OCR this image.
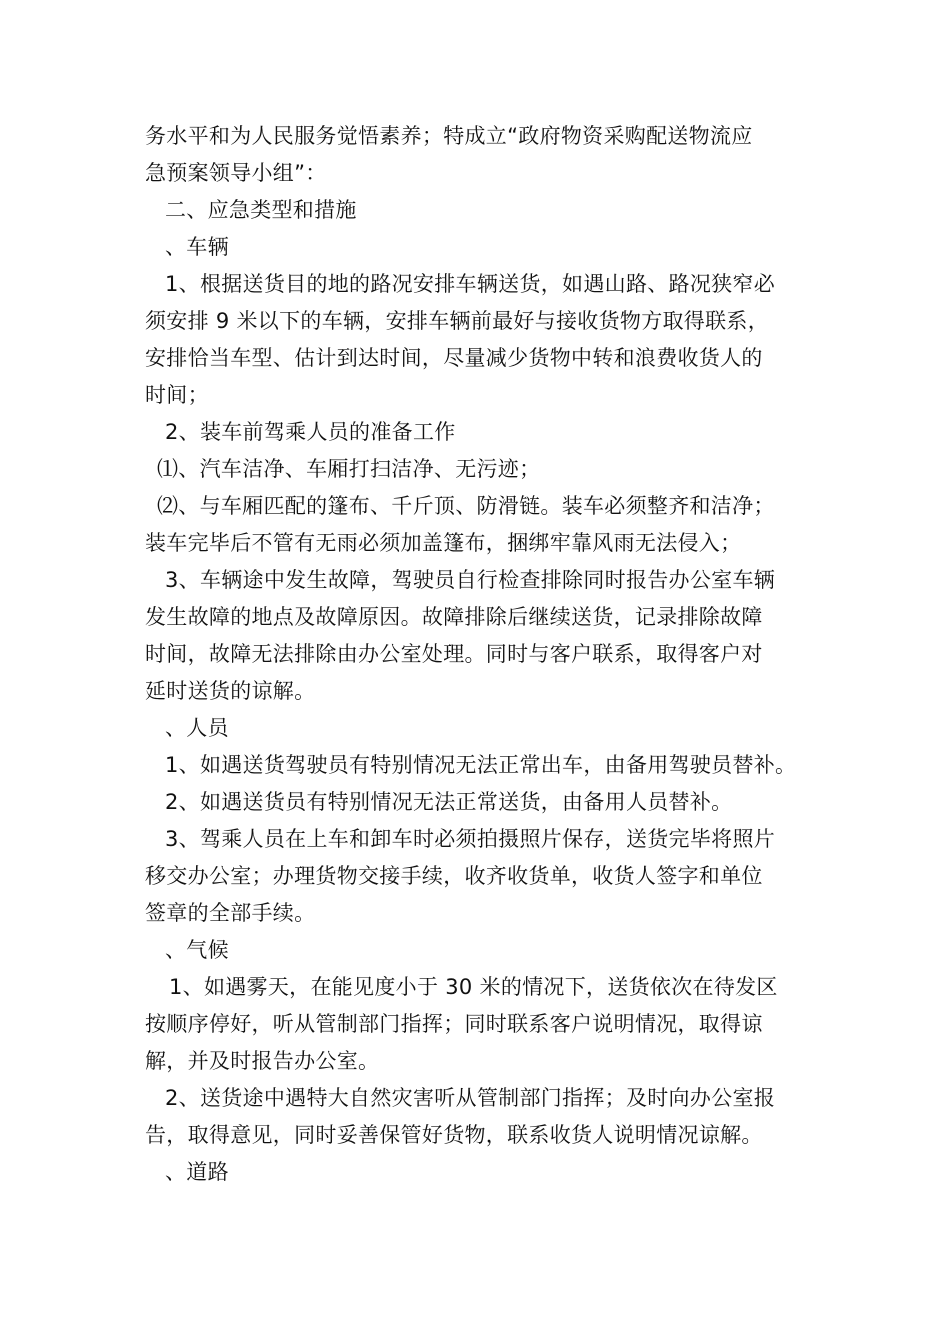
务水平和为人民服务觉悟素养；特成立“政府物资采购配送物流应
急预案领导小组”：
二、应急类型和措施
、车辆
1、根据送货目的地的路况安排车辆送货，如遇山路、路况狭窄必
须安排 9 米以下的车辆，安排车辆前最好与接收货物方取得联系，
安排恰当车型、估计到达时间，尽量减少货物中转和浪费收货人的
时间；
2、装车前驾乘人员的准备工作
⑴、汽车洁净、车厢打扫洁净、无污迹；
⑵、与车厢匹配的篷布、千斤顶、防滑链。装车必须整齐和洁净；
装车完毕后不管有无雨必须加盖篷布，捆绑牢靠风雨无法侵入；
3、车辆途中发生故障，驾驶员自行检查排除同时报告办公室车辆
发生故障的地点及故障原因。故障排除后继续送货，记录排除故障
时间，故障无法排除由办公室处理。同时与客户联系，取得客户对
延时送货的谅解。
、人员
1、如遇送货驾驶员有特别情况无法正常出车，由备用驾驶员替补。
2、如遇送货员有特别情况无法正常送货，由备用人员替补。
3、驾乘人员在上车和卸车时必须拍摄照片保存，送货完毕将照片
移交办公室；办理货物交接手续，收齐收货单，收货人签字和单位
签章的全部手续。
、气候
1、如遇雾天，在能见度小于 30 米的情况下，送货依次在待发区
按顺序停好，听从管制部门指挥；同时联系客户说明情况，取得谅
解，并及时报告办公室。
2、送货途中遇特大自然灾害听从管制部门指挥；及时向办公室报
告，取得意见，同时妥善保管好货物，联系收货人说明情况谅解。
、道路
